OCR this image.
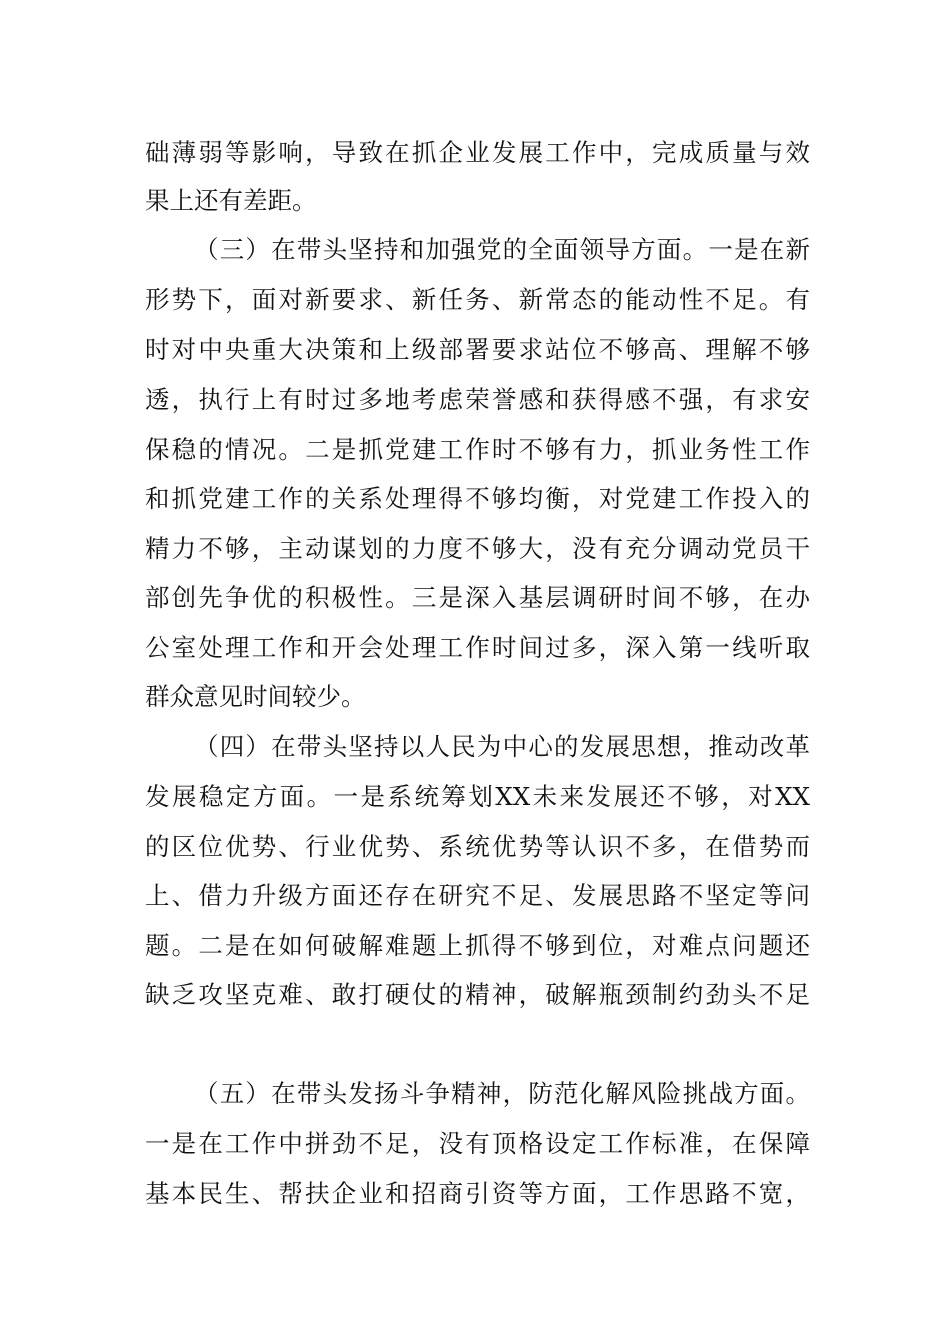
础薄弱等影响，导致在抓企业发展工作中，完成质量与效
果上还有差距。
（三）在带头坚持和加强党的全面领导方面。一是在新
形势下，面对新要求、新任务、新常态的能动性不足。有
时对中央重大决策和上级部署要求站位不够高、理解不够
透，执行上有时过多地考虑荣誉感和获得感不强，有求安
保稳的情况。二是抓党建工作时不够有力，抓业务性工作
和抓党建工作的关系处理得不够均衡，对党建工作投入的
精力不够，主动谋划的力度不够大，没有充分调动党员干
部创先争优的积极性。三是深入基层调研时间不够，在办
公室处理工作和开会处理工作时间过多，深入第一线听取
群众意见时间较少。
（四）在带头坚持以人民为中心的发展思想，推动改革
发展稳定方面。一是系统筹划XX未来发展还不够，对XX
的区位优势、行业优势、系统优势等认识不多，在借势而
上、借力升级方面还存在研究不足、发展思路不坚定等问
题。二是在如何破解难题上抓得不够到位，对难点问题还
缺乏攻坚克难、敢打硬仗的精神，破解瓶颈制约劲头不足
（五）在带头发扬斗争精神，防范化解风险挑战方面。
一是在工作中拼劲不足，没有顶格设定工作标准，在保障
基本民生、帮扶企业和招商引资等方面，工作思路不宽，
